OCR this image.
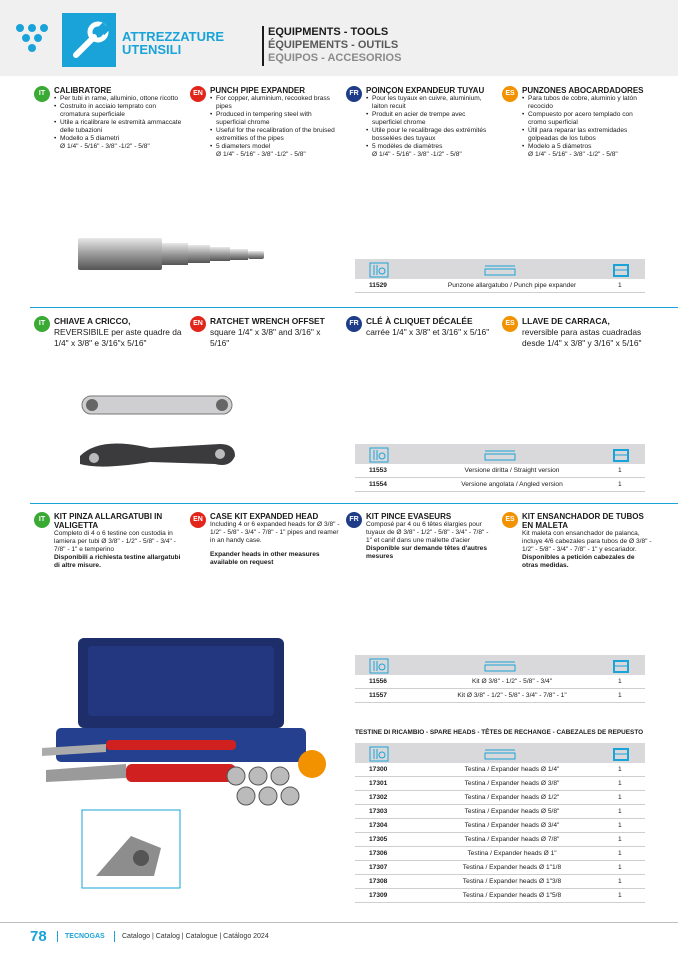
ATTREZZATURE
UTENSILI
EQUIPMENTS - TOOLS
ÉQUIPEMENTS - OUTILS
EQUIPOS - ACCESORIOS
IT	CALIBRATORE
• Per tubi in rame, alluminio, ottone ricotto
• Costruito in acciaio temprato con cromatura superficiale
• Utile a ricalibrare le estremità ammaccate delle tubazioni
• Modello a 5 diametri
Ø 1/4" - 5/16" - 3/8" -1/2" - 5/8"
EN PUNCH PIPE EXPANDER
• For copper, aluminium, recooked brass pipes
• Produced in tempering steel with superficial chrome
• Useful for the recalibration of the bruised extremities of the pipes
• 5 diameters model
Ø 1/4" - 5/16" - 3/8" -1/2" - 5/8"
FR POINÇON EXPANDEUR TUYAU
• Pour les tuyaux en cuivre, aluminium, laiton recuit
• Produit en acier de trempe avec superficiel chrome
• Utile pour le recalibrage des extrémités bosselées des tuyaux
• 5 modèles de diamètres
Ø 1/4" - 5/16" - 3/8" -1/2" - 5/8"
ES PUNZONES ABOCARDADORES
• Para tubos de cobre, aluminio y latón recocido
• Compuesto por acero templado con cromo superficial
• Útil para reparar las extremidades golpeadas de los tubos
• Modelo a 5 diámetros
Ø 1/4" - 5/16" - 3/8" -1/2" - 5/8"
11529	Punzone allargatubo / Punch pipe expander	1
IT	CHIAVE A CRICCO,
REVERSIBILE per aste quadre da 1/4" x 3/8" e 3/16"x 5/16"
EN RATCHET WRENCH OFFSET
square 1/4" x 3/8" and 3/16" x 5/16"
FR CLÉ À CLIQUET DÉCALÉE
carrée 1/4" x 3/8" et 3/16" x 5/16"
ES LLAVE DE CARRACA,
reversible para astas cuadradas desde 1/4" x 3/8" y 3/16" x 5/16"
11553	Versione diritta / Straight version	1
11554	Versione angolata / Angled version	1
IT	KIT PINZA ALLARGATUBI IN VALIGETTA
Completo di 4 o 6 testine con custodia in lamiera per tubi Ø 3/8" - 1/2" - 5/8" - 3/4" - 7/8" - 1" e temperino

Disponibili a richiesta testine allargatubi di altre misure.

EN CASE KIT EXPANDED HEAD
Including 4 or 6 expanded heads for Ø 3/8" - 1/2" - 5/8" - 3/4" - 7/8" - 1" pipes and reamer in an handy case.

Expander heads in other measures available on request

FR KIT PINCE EVASEURS
Composé par 4 ou 6 têtes élargies pour tuyaux de Ø 3/8" - 1/2" - 5/8" - 3/4" - 7/8" - 1" et canif dans une mallette d'acier

Disponible sur demande têtes d'autres mesures

ES KIT ENSANCHADOR DE TUBOS EN MALETA
Kit maleta con ensanchador de palanca, incluye 4/6 cabezales para tubos de Ø 3/8" - 1/2" - 5/8" - 3/4" - 7/8" - 1" y escariador.

Disponibles a petición cabezales de otras medidas.

11556	Kit Ø 3/8" - 1/2" - 5/8" - 3/4"	1
11557	Kit Ø 3/8" - 1/2" - 5/8" - 3/4" - 7/8" - 1"	1
TESTINE DI RICAMBIO - SPARE HEADS - TÊTES DE RECHANGE - CABEZALES DE REPUESTO
17300	Testina / Expander heads Ø 1/4"	1
17301	Testina / Expander heads Ø 3/8"	1
17302	Testina / Expander heads Ø 1/2"	1
17303	Testina / Expander heads Ø 5/8"	1
17304	Testina / Expander heads Ø 3/4"	1
17305	Testina / Expander heads Ø 7/8"	1
17306	Testina / Expander heads Ø 1"	1
17307	Testina / Expander heads Ø 1"1/8	1
17308	Testina / Expander heads Ø 1"3/8	1
17309	Testina / Expander heads Ø 1"5/8	1
78	TECNOGAS Catalogo | Catalog | Catalogue | Catálogo 2024
